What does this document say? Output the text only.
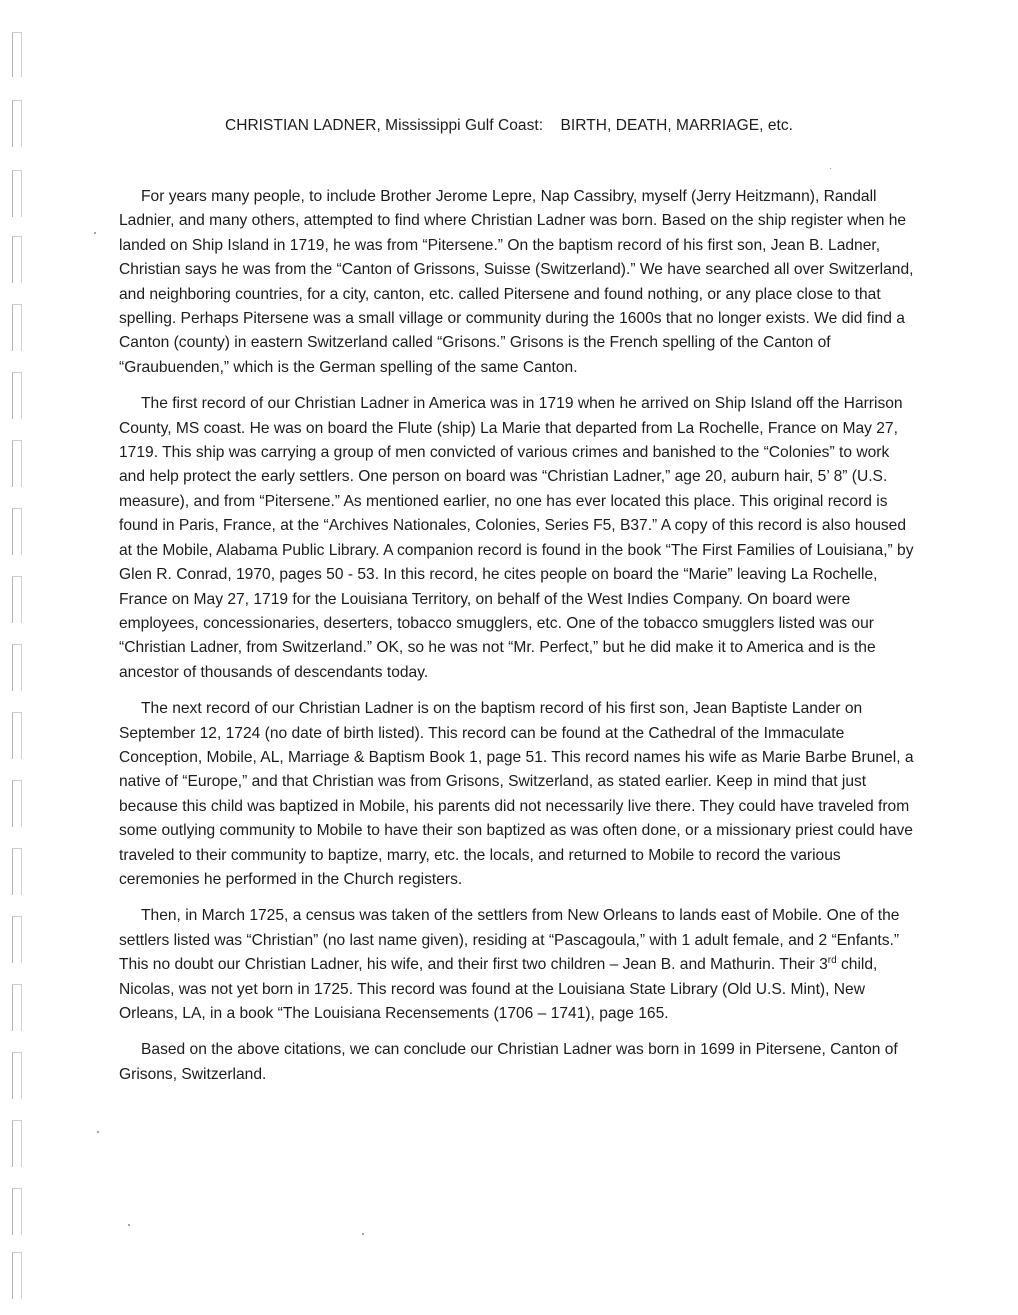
CHRISTIAN LADNER, Mississippi Gulf Coast:    BIRTH, DEATH, MARRIAGE, etc.

For years many people, to include Brother Jerome Lepre, Nap Cassibry, myself (Jerry Heitzmann), Randall Ladnier, and many others, attempted to find where Christian Ladner was born. Based on the ship register when he landed on Ship Island in 1719, he was from “Pitersene.” On the baptism record of his first son, Jean B. Ladner, Christian says he was from the “Canton of Grissons, Suisse (Switzerland).” We have searched all over Switzerland, and neighboring countries, for a city, canton, etc. called Pitersene and found nothing, or any place close to that spelling. Perhaps Pitersene was a small village or community during the 1600s that no longer exists. We did find a Canton (county) in eastern Switzerland called “Grisons.” Grisons is the French spelling of the Canton of “Graubuenden,” which is the German spelling of the same Canton.

The first record of our Christian Ladner in America was in 1719 when he arrived on Ship Island off the Harrison County, MS coast. He was on board the Flute (ship) La Marie that departed from La Rochelle, France on May 27, 1719. This ship was carrying a group of men convicted of various crimes and banished to the “Colonies” to work and help protect the early settlers. One person on board was “Christian Ladner,” age 20, auburn hair, 5’ 8” (U.S. measure), and from “Pitersene.” As mentioned earlier, no one has ever located this place. This original record is found in Paris, France, at the “Archives Nationales, Colonies, Series F5, B37.” A copy of this record is also housed at the Mobile, Alabama Public Library. A companion record is found in the book “The First Families of Louisiana,” by Glen R. Conrad, 1970, pages 50 - 53. In this record, he cites people on board the “Marie” leaving La Rochelle, France on May 27, 1719 for the Louisiana Territory, on behalf of the West Indies Company. On board were employees, concessionaries, deserters, tobacco smugglers, etc. One of the tobacco smugglers listed was our “Christian Ladner, from Switzerland.” OK, so he was not “Mr. Perfect,” but he did make it to America and is the ancestor of thousands of descendants today.

The next record of our Christian Ladner is on the baptism record of his first son, Jean Baptiste Lander on September 12, 1724 (no date of birth listed). This record can be found at the Cathedral of the Immaculate Conception, Mobile, AL, Marriage & Baptism Book 1, page 51. This record names his wife as Marie Barbe Brunel, a native of “Europe,” and that Christian was from Grisons, Switzerland, as stated earlier. Keep in mind that just because this child was baptized in Mobile, his parents did not necessarily live there. They could have traveled from some outlying community to Mobile to have their son baptized as was often done, or a missionary priest could have traveled to their community to baptize, marry, etc. the locals, and returned to Mobile to record the various ceremonies he performed in the Church registers.

Then, in March 1725, a census was taken of the settlers from New Orleans to lands east of Mobile. One of the settlers listed was “Christian” (no last name given), residing at “Pascagoula,” with 1 adult female, and 2 “Enfants.” This no doubt our Christian Ladner, his wife, and their first two children – Jean B. and Mathurin. Their 3rd child, Nicolas, was not yet born in 1725. This record was found at the Louisiana State Library (Old U.S. Mint), New Orleans, LA, in a book “The Louisiana Recensements (1706 – 1741), page 165.

Based on the above citations, we can conclude our Christian Ladner was born in 1699 in Pitersene, Canton of Grisons, Switzerland.
